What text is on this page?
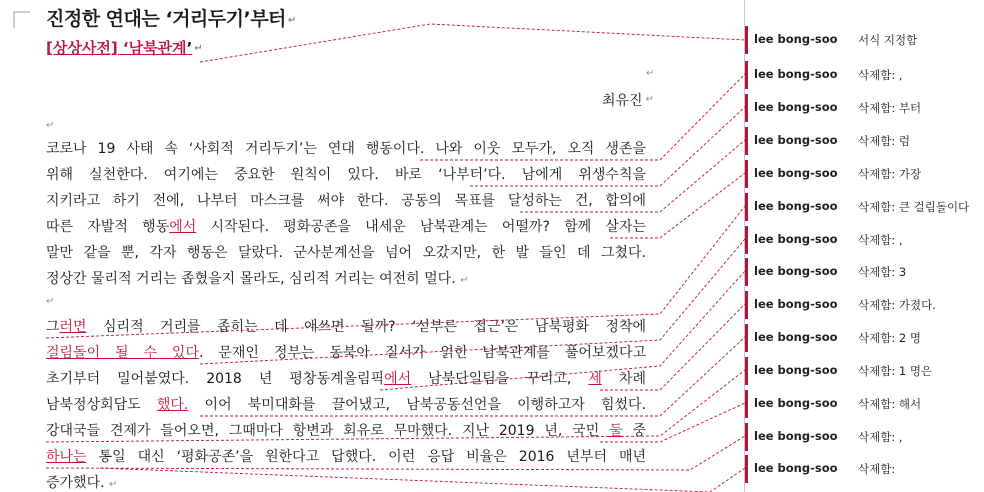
진정한 연대는 ‘거리두기’부터 ↵
[상상사전] ‘남북관계’ ↵
↵
최유진 ↵
↵
코로나 19 사태 속 ‘사회적 거리두기’는 연대 행동이다. 나와 이웃 모두가, 오직 생존을
위해 실천한다. 여기에는 중요한 원칙이 있다. 바로 ‘나부터’다. 남에게 위생수칙을
지키라고 하기 전에, 나부터 마스크를 써야 한다. 공동의 목표를 달성하는 건, 합의에
따른 자발적 행동에서 시작된다. 평화공존을 내세운 남북관계는 어떨까? 함께 살자는
말만 같을 뿐, 각자 행동은 달랐다. 군사분계선을 넘어 오갔지만, 한 발 들인 데 그쳤다.
정상간 물리적 거리는 좁혔을지 몰라도, 심리적 거리는 여전히 멀다. ↵
↵
그러면 심리적 거리를 좁히는 데 애쓰면 될까? ‘섣부른 접근’은 남북평화 정착에
걸림돌이 될 수 있다. 문재인 정부는 동북아 질서가 얽힌 남북관계를 풀어보겠다고
초기부터 밀어붙였다. 2018 년 평창동계올림픽에서 남북단일팀을 꾸리고, 세 차례
남북정상회담도 했다. 이어 북미대화를 끌어냈고, 남북공동선언을 이행하고자 힘썼다.
강대국들 견제가 들어오면, 그때마다 항변과 회유로 무마했다. 지난 2019 년, 국민 둘 중
하나는 통일 대신 ‘평화공존’을 원한다고 답했다. 이런 응답 비율은 2016 년부터 매년
증가했다. ↵
lee bong-soo 서식 지정함
lee bong-soo 삭제함: ,
lee bong-soo 삭제함: 부터
lee bong-soo 삭제함: 럼
lee bong-soo 삭제함: 가장
lee bong-soo 삭제함: 큰 걸림돌이다
lee bong-soo 삭제함: ,
lee bong-soo 삭제함: 3
lee bong-soo 삭제함: 가졌다.
lee bong-soo 삭제함: 2 명
lee bong-soo 삭제함: 1 명은
lee bong-soo 삭제함: 해서
lee bong-soo 삭제함: ,
lee bong-soo 삭제함:
